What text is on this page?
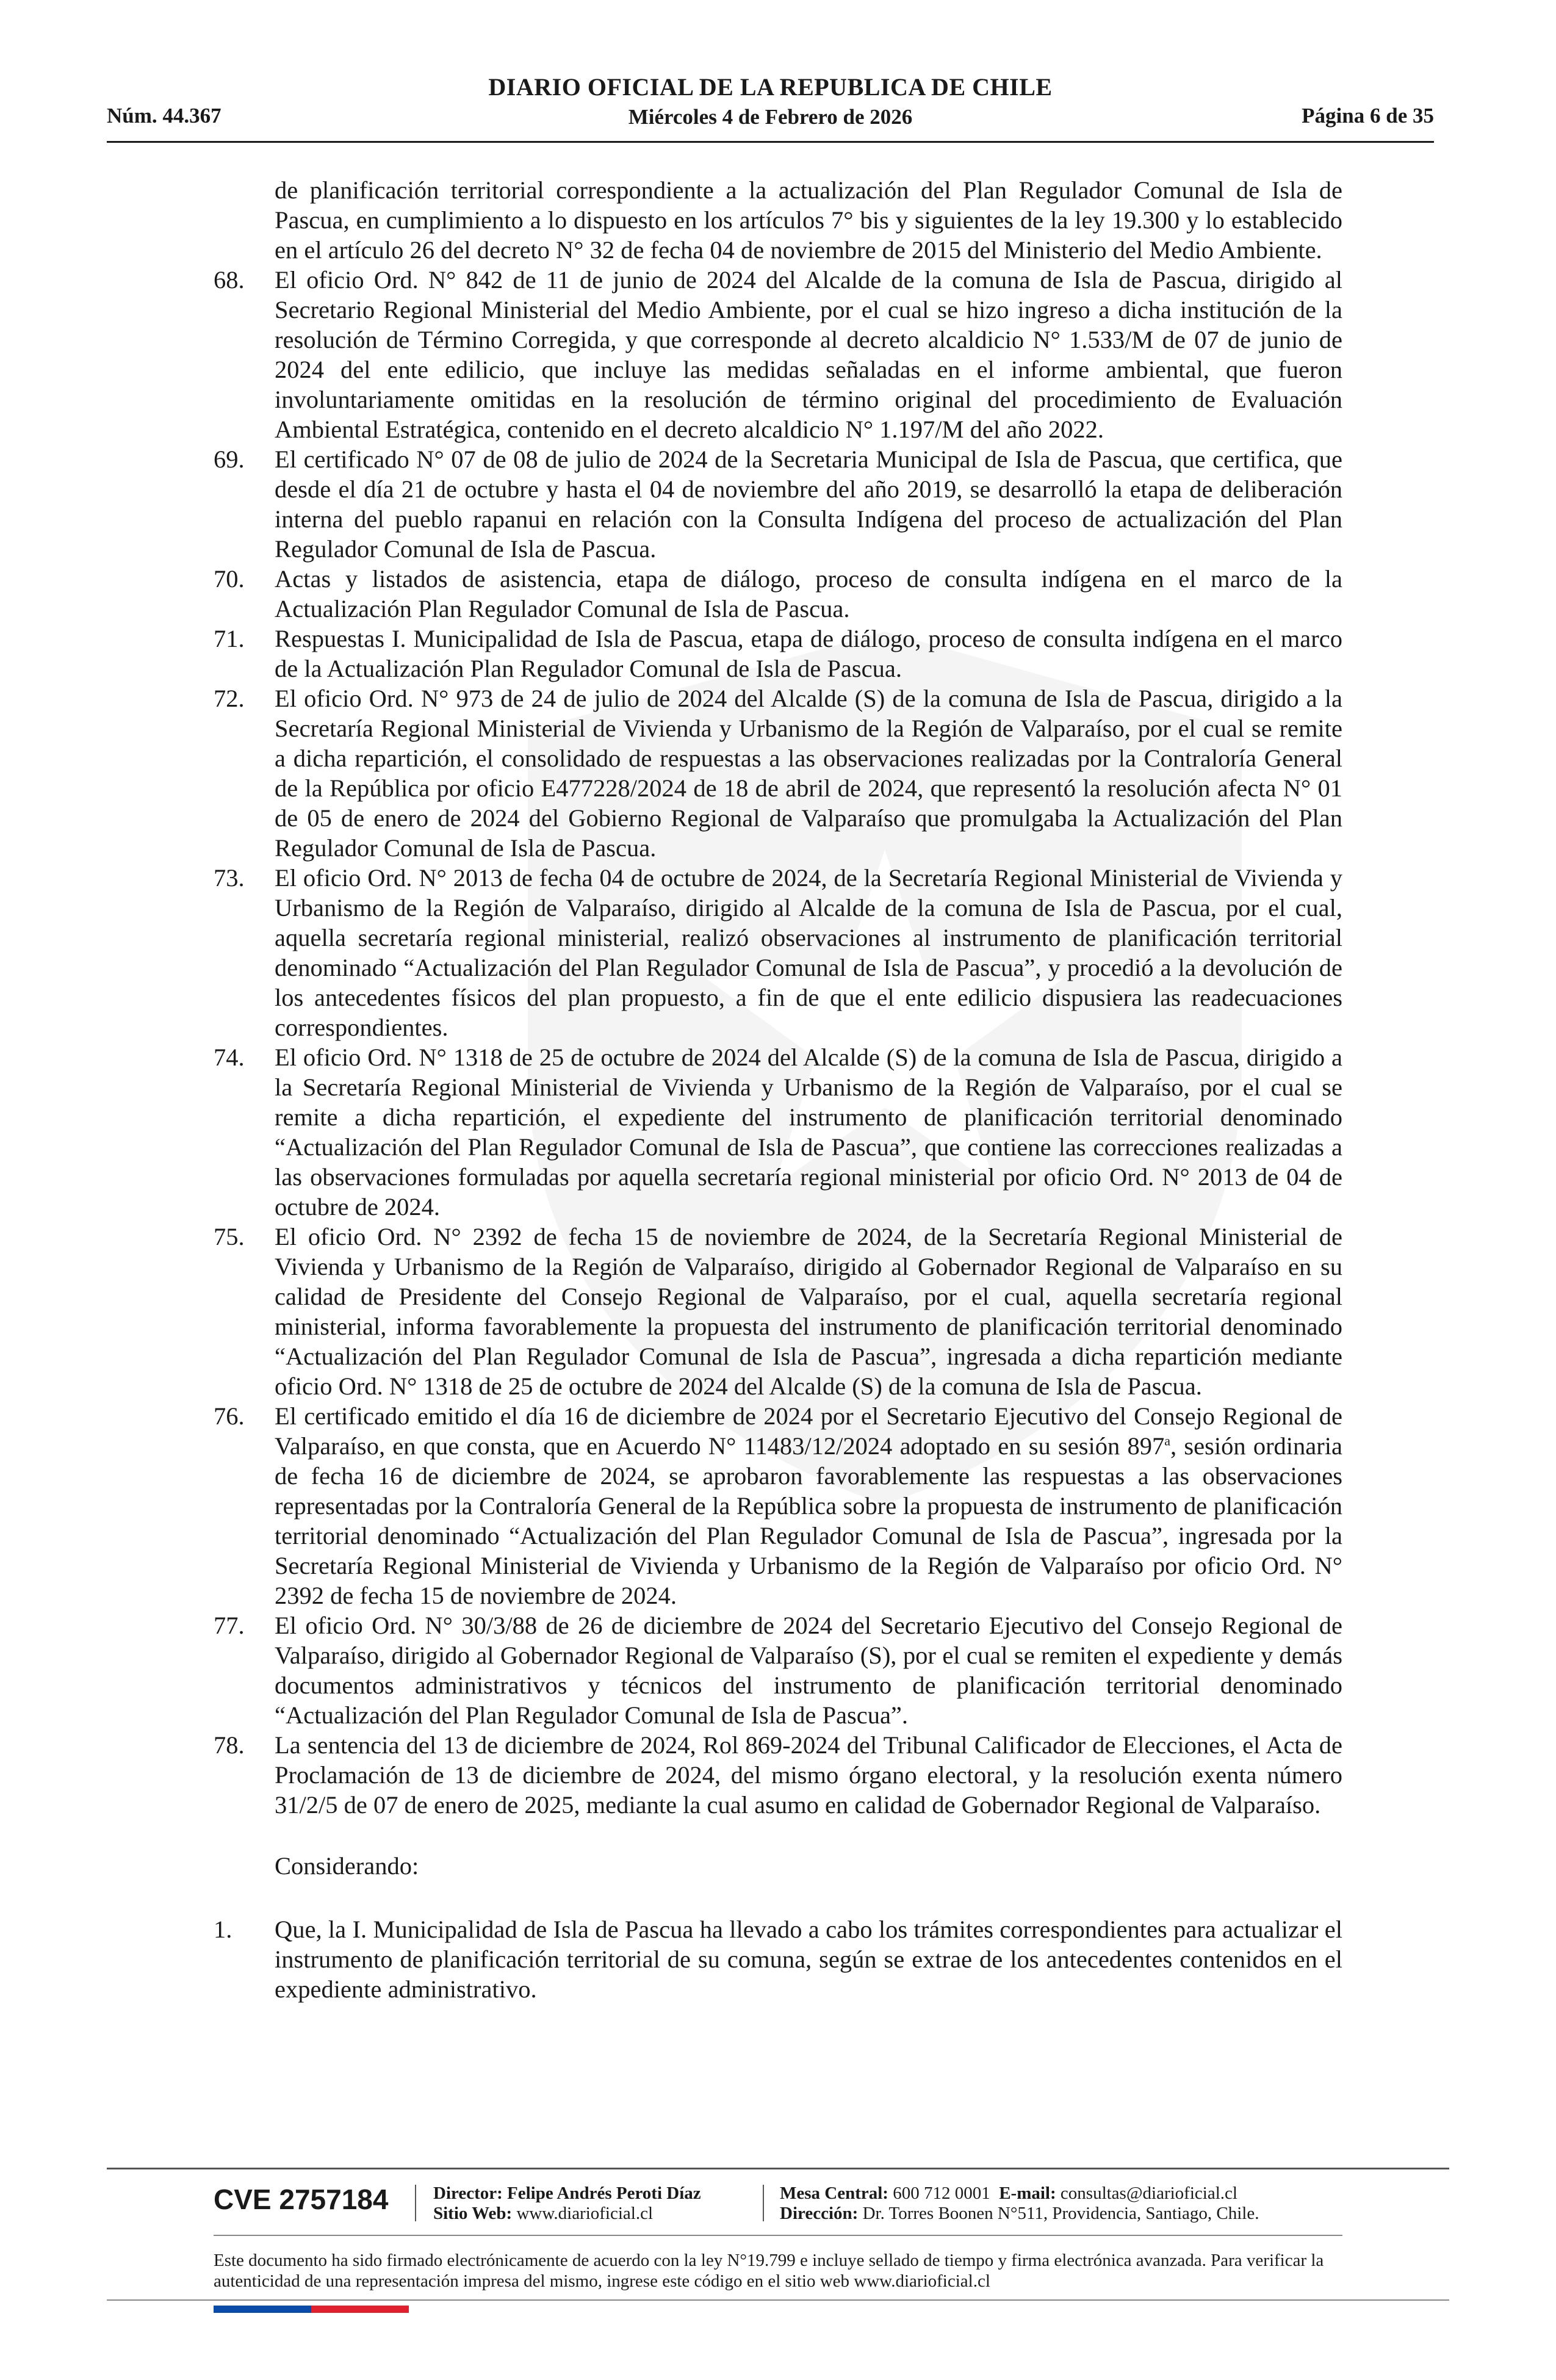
Núm. 44.367
DIARIO OFICIAL DE LA REPUBLICA DE CHILE
Miércoles 4 de Febrero de 2026	Página 6 de 35
de planificación territorial correspondiente a la actualización del Plan Regulador Comunal de Isla de Pascua, en cumplimiento a lo dispuesto en los artículos 7° bis y siguientes de la ley 19.300 y lo establecido en el artículo 26 del decreto N° 32 de fecha 04 de noviembre de 2015 del Ministerio del Medio Ambiente.
68.	El oficio Ord. N° 842 de 11 de junio de 2024 del Alcalde de la comuna de Isla de Pascua, dirigido al Secretario Regional Ministerial del Medio Ambiente, por el cual se hizo ingreso a dicha institución de la resolución de Término Corregida, y que corresponde al decreto alcaldicio N° 1.533/M de 07 de junio de 2024 del ente edilicio, que incluye las medidas señaladas en el informe ambiental, que fueron involuntariamente omitidas en la resolución de término original del procedimiento de Evaluación Ambiental Estratégica, contenido en el decreto alcaldicio N° 1.197/M del año 2022.
69.	El certificado N° 07 de 08 de julio de 2024 de la Secretaria Municipal de Isla de Pascua, que certifica, que desde el día 21 de octubre y hasta el 04 de noviembre del año 2019, se desarrolló la etapa de deliberación interna del pueblo rapanui en relación con la Consulta Indígena del proceso de actualización del Plan Regulador Comunal de Isla de Pascua.
70.	Actas y listados de asistencia, etapa de diálogo, proceso de consulta indígena en el marco de la Actualización Plan Regulador Comunal de Isla de Pascua.
71.	Respuestas I. Municipalidad de Isla de Pascua, etapa de diálogo, proceso de consulta indígena en el marco de la Actualización Plan Regulador Comunal de Isla de Pascua.
72.	El oficio Ord. N° 973 de 24 de julio de 2024 del Alcalde (S) de la comuna de Isla de Pascua, dirigido a la Secretaría Regional Ministerial de Vivienda y Urbanismo de la Región de Valparaíso, por el cual se remite a dicha repartición, el consolidado de respuestas a las observaciones realizadas por la Contraloría General de la República por oficio E477228/2024 de 18 de abril de 2024, que representó la resolución afecta N° 01 de 05 de enero de 2024 del Gobierno Regional de Valparaíso que promulgaba la Actualización del Plan Regulador Comunal de Isla de Pascua.
73.	El oficio Ord. N° 2013 de fecha 04 de octubre de 2024, de la Secretaría Regional Ministerial de Vivienda y Urbanismo de la Región de Valparaíso, dirigido al Alcalde de la comuna de Isla de Pascua, por el cual, aquella secretaría regional ministerial, realizó observaciones al instrumento de planificación territorial denominado “Actualización del Plan Regulador Comunal de Isla de Pascua”, y procedió a la devolución de los antecedentes físicos del plan propuesto, a fin de que el ente edilicio dispusiera las readecuaciones correspondientes.
74.	El oficio Ord. N° 1318 de 25 de octubre de 2024 del Alcalde (S) de la comuna de Isla de Pascua, dirigido a la Secretaría Regional Ministerial de Vivienda y Urbanismo de la Región de Valparaíso, por el cual se remite a dicha repartición, el expediente del instrumento de planificación territorial denominado “Actualización del Plan Regulador Comunal de Isla de Pascua”, que contiene las correcciones realizadas a las observaciones formuladas por aquella secretaría regional ministerial por oficio Ord. N° 2013 de 04 de octubre de 2024.
75.	El oficio Ord. N° 2392 de fecha 15 de noviembre de 2024, de la Secretaría Regional Ministerial de Vivienda y Urbanismo de la Región de Valparaíso, dirigido al Gobernador Regional de Valparaíso en su calidad de Presidente del Consejo Regional de Valparaíso, por el cual, aquella secretaría regional ministerial, informa favorablemente la propuesta del instrumento de planificación territorial denominado “Actualización del Plan Regulador Comunal de Isla de Pascua”, ingresada a dicha repartición mediante oficio Ord. N° 1318 de 25 de octubre de 2024 del Alcalde (S) de la comuna de Isla de Pascua.
76.	El certificado emitido el día 16 de diciembre de 2024 por el Secretario Ejecutivo del Consejo Regional de Valparaíso, en que consta, que en Acuerdo N° 11483/12/2024 adoptado en su sesión 897$^a$, sesión ordinaria de fecha 16 de diciembre de 2024, se aprobaron favorablemente las respuestas a las observaciones representadas por la Contraloría General de la República sobre la propuesta de instrumento de planificación territorial denominado “Actualización del Plan Regulador Comunal de Isla de Pascua”, ingresada por la Secretaría Regional Ministerial de Vivienda y Urbanismo de la Región de Valparaíso por oficio Ord. N° 2392 de fecha 15 de noviembre de 2024.
77.	El oficio Ord. N° 30/3/88 de 26 de diciembre de 2024 del Secretario Ejecutivo del Consejo Regional de Valparaíso, dirigido al Gobernador Regional de Valparaíso (S), por el cual se remiten el expediente y demás documentos administrativos y técnicos del instrumento de planificación territorial denominado “Actualización del Plan Regulador Comunal de Isla de Pascua”.
78.	La sentencia del 13 de diciembre de 2024, Rol 869-2024 del Tribunal Calificador de Elecciones, el Acta de Proclamación de 13 de diciembre de 2024, del mismo órgano electoral, y la resolución exenta número 31/2/5 de 07 de enero de 2025, mediante la cual asumo en calidad de Gobernador Regional de Valparaíso.
Considerando:
1.	Que, la I. Municipalidad de Isla de Pascua ha llevado a cabo los trámites correspondientes para actualizar el instrumento de planificación territorial de su comuna, según se extrae de los antecedentes contenidos en el expediente administrativo.
CVE 2757184	Director: Felipe Andrés Peroti Díaz
Sitio Web: www.diarioficial.cl
Mesa Central: 600 712 0001 E-mail: consultas@diarioficial.cl
Dirección: Dr. Torres Boonen N°511, Providencia, Santiago, Chile.
Este documento ha sido firmado electrónicamente de acuerdo con la ley N°19.799 e incluye sellado de tiempo y firma electrónica avanzada. Para verificar la autenticidad de una representación impresa del mismo, ingrese este código en el sitio web www.diarioficial.cl
